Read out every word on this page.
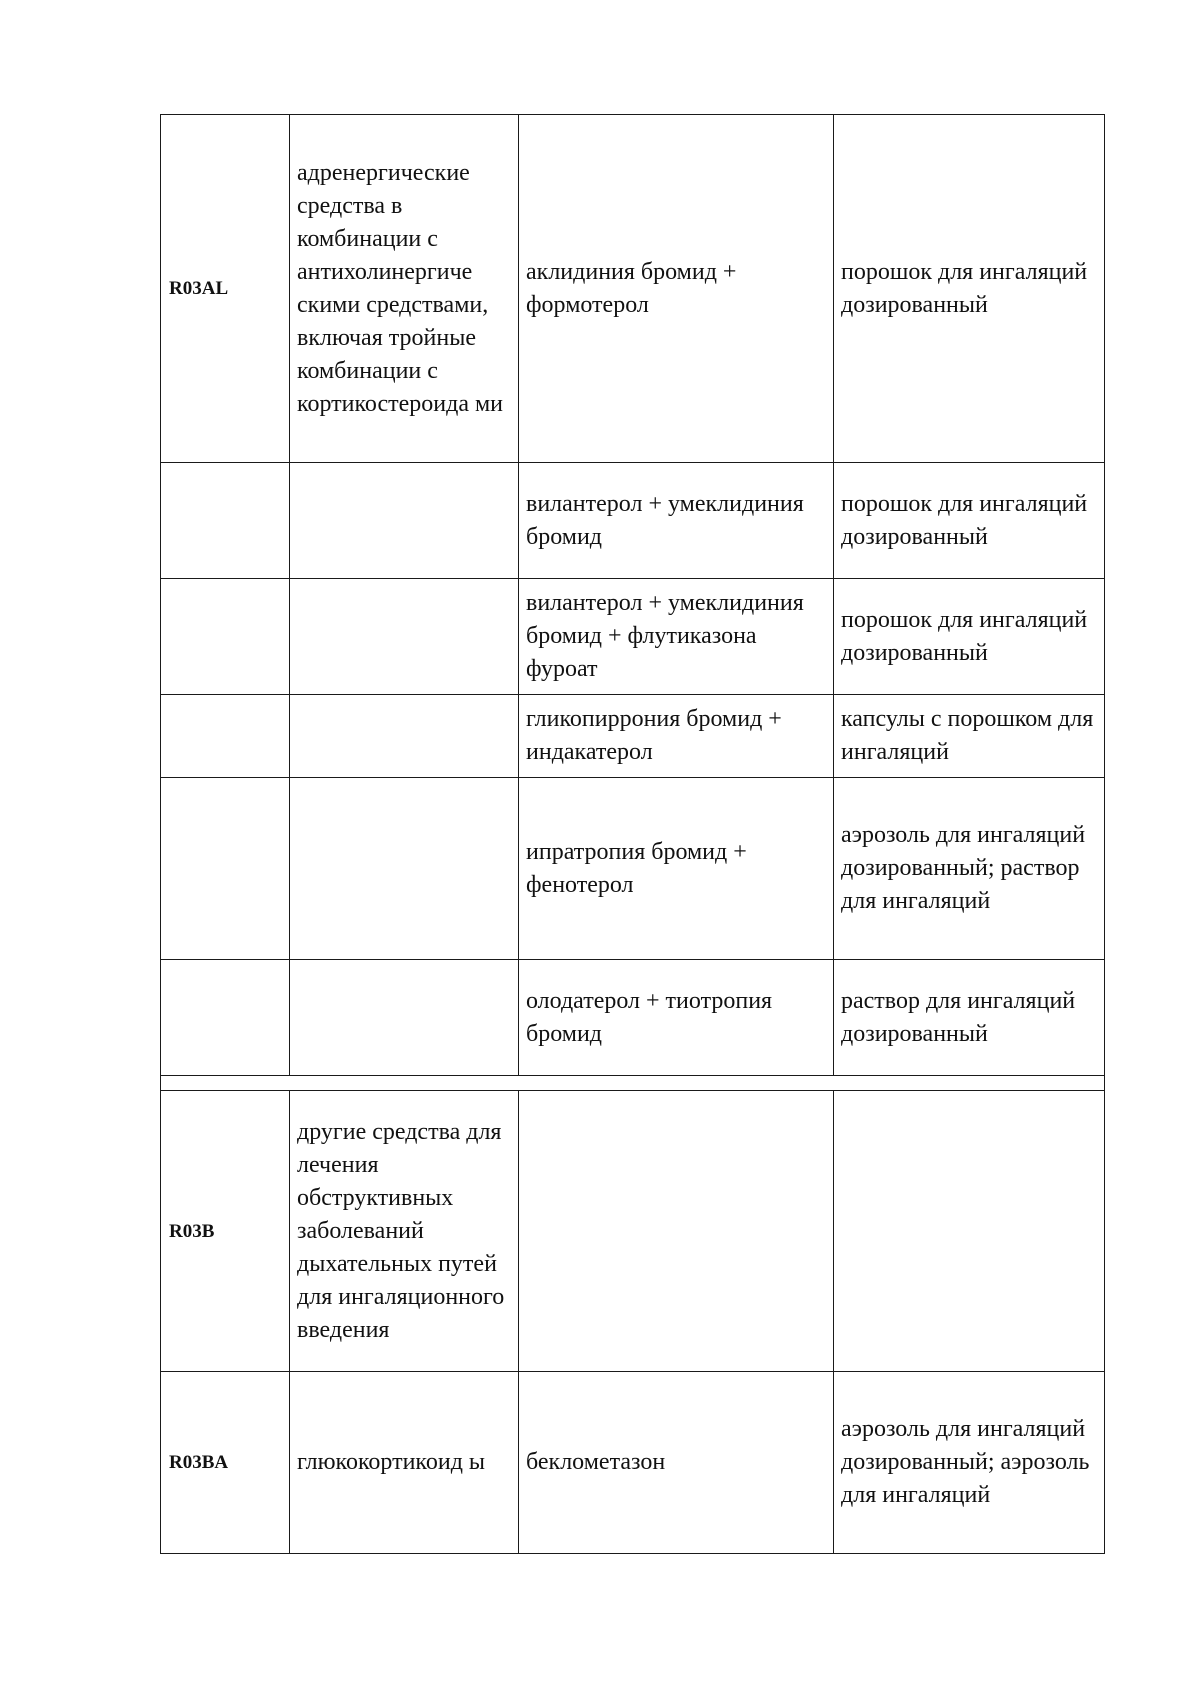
R03AL	адренергические средства в комбинации с антихолинергиче скими средствами, включая тройные комбинации с кортикостероида ми	аклидиния бромид + формотерол	порошок для ингаляций дозированный
		вилантерол + умеклидиния бромид	порошок для ингаляций дозированный
		вилантерол + умеклидиния бромид + флутиказона фуроат	порошок для ингаляций дозированный
		гликопиррония бромид + индакатерол	капсулы с порошком для ингаляций
		ипратропия бромид + фенотерол	аэрозоль для ингаляций дозированный; раствор для ингаляций
		олодатерол + тиотропия бромид	раствор для ингаляций дозированный

R03B	другие средства для лечения обструктивных заболеваний дыхательных путей для ингаляционного введения		
R03BA	глюкокортикоид ы	беклометазон	аэрозоль для ингаляций дозированный; аэрозоль для ингаляций
